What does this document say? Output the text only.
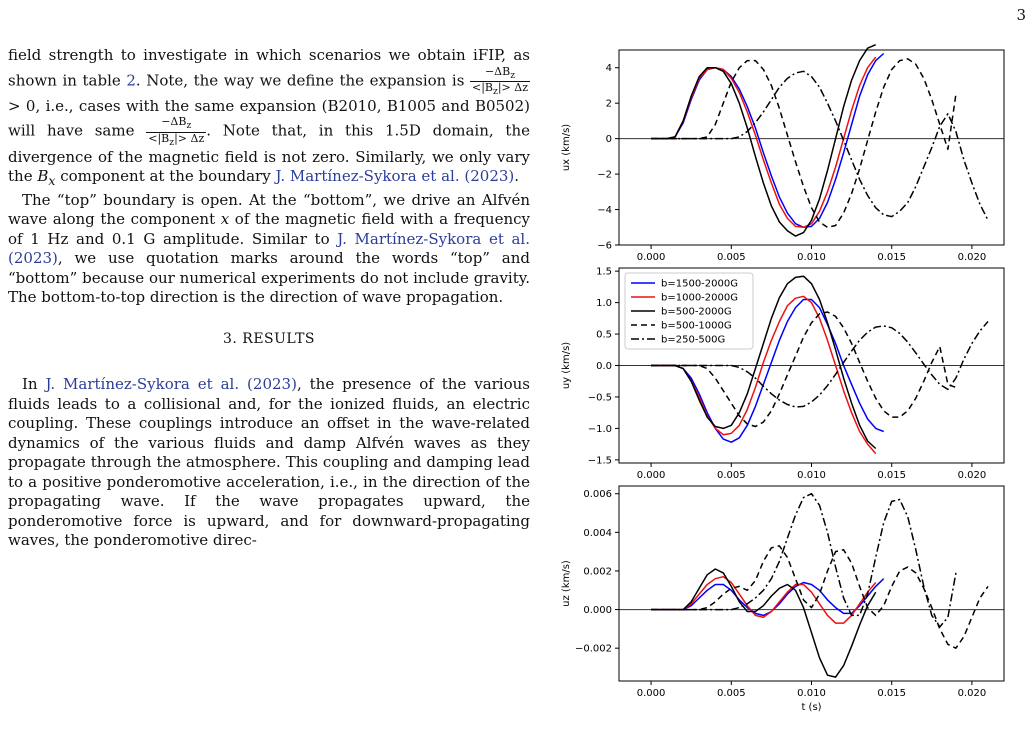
3

field strength to investigate in which scenarios we obtain iFIP, as shown in table 2. Note, the way we define the expansion is $\frac{-\Delta B_z}{<|B_z|> \Delta z}$
> 0, i.e., cases with the same expansion (B2010, B1005 and B0502) will have same $\frac{-\Delta B_z}{<|B_z|> \Delta z}$ . Note that, in this 1.5D domain, the divergence of the magnetic field is not zero. Similarly, we only vary the $B_x$ component at the boundary J. Martínez-Sykora et al. (2023).

The “top” boundary is open. At the “bottom”, we drive an Alfvén wave along the component x of the magnetic field with a frequency of 1 Hz and 0.1 G amplitude. Similar to J. Martínez-Sykora et al. (2023), we use quotation marks around the words “top” and “bottom” because our numerical experiments do not include gravity. The bottom-to-top direction is the direction of wave propagation.

3. RESULTS

In J. Martínez-Sykora et al. (2023), the presence of the various fluids leads to a collisional and, for the ionized fluids, an electric coupling. These couplings introduce an offset in the wave-related dynamics of the various fluids and damp Alfvén waves as they propagate through the atmosphere. This coupling and damping lead to a positive ponderomotive acceleration, i.e., in the direction of the propagating wave. If the wave propagates upward, the ponderomotive force is upward, and for downward-propagating waves, the ponderomotive direc-

0.000	0.005	0.010	0.015	0.020
−6
−4
−2
0
2
4
ux (km/s)
0.000	0.005	0.010	0.015	0.020
−1.5
−1.0
−0.5
0.0
0.5
1.0
1.5
uy (km/s)
b=1500-2000G
b=1000-2000G
b=500-2000G
b=500-1000G
b=250-500G
0.000	0.005	0.010	0.015	0.020
−0.002
0.000
0.002
0.004
0.006
uz (km/s)
t (s)
